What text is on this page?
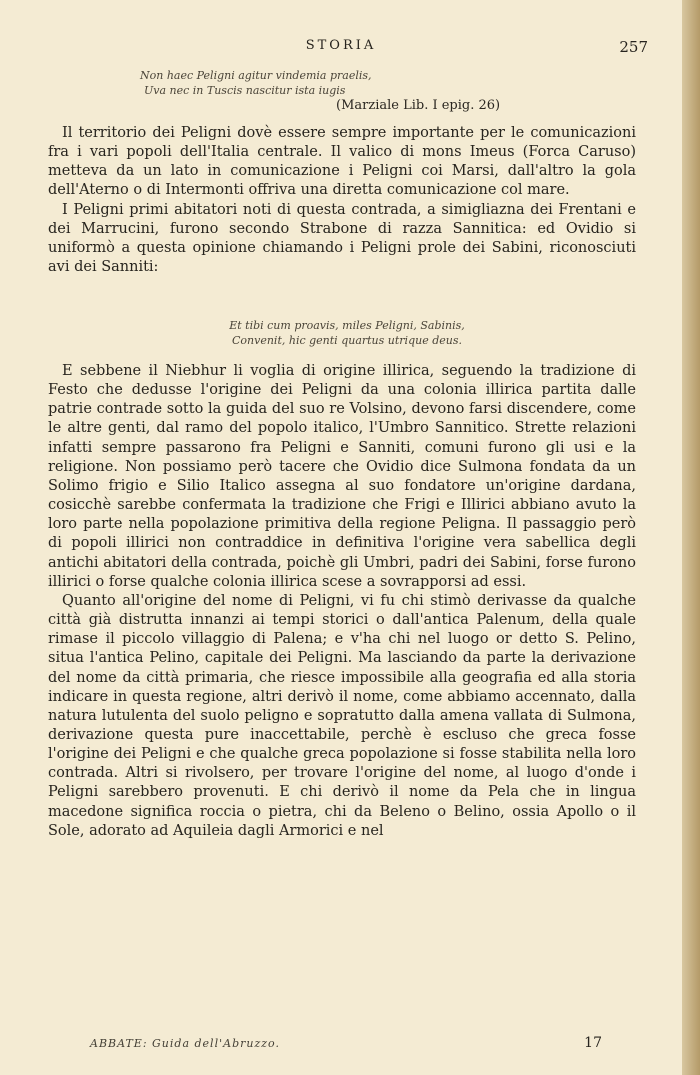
STORIA	257
Non haec Peligni agitur vindemia praelis,
Uva nec in Tuscis nascitur ista iugis
(Marziale Lib. I epig. 26)

Il territorio dei Peligni dovè essere sempre importante per le comunicazioni fra i vari popoli dell'Italia centrale. Il valico di mons Imeus (Forca Caruso) metteva da un lato in comunicazione i Peligni coi Marsi, dall'altro la gola dell'Aterno o di Intermonti offriva una diretta comunicazione col mare.

I Peligni primi abitatori noti di questa contrada, a simigliazna dei Frentani e dei Marrucini, furono secondo Strabone di razza Sannitica: ed Ovidio si uniformò a questa opinione chiamando i Peligni prole dei Sabini, riconosciuti avi dei Sanniti:

Et tibi cum proavis, miles Peligni, Sabinis,
Convenit, hic genti quartus utrique deus.

E sebbene il Niebhur li voglia di origine illirica, seguendo la tradizione di Festo che dedusse l'origine dei Peligni da una colonia illirica partita dalle patrie contrade sotto la guida del suo re Volsino, devono farsi discendere, come le altre genti, dal ramo del popolo italico, l'Umbro Sannitico. Strette relazioni infatti sempre passarono fra Peligni e Sanniti, comuni furono gli usi e la religione. Non possiamo però tacere che Ovidio dice Sulmona fondata da un Solimo frigio e Silio Italico assegna al suo fondatore un'origine dardana, cosicchè sarebbe confermata la tradizione che Frigi e Illirici abbiano avuto la loro parte nella popolazione primitiva della regione Peligna. Il passaggio però di popoli illirici non contraddice in definitiva l'origine vera sabellica degli antichi abitatori della contrada, poichè gli Umbri, padri dei Sabini, forse furono illirici o forse qualche colonia illirica scese a sovrapporsi ad essi.

Quanto all'origine del nome di Peligni, vi fu chi stimò derivasse da qualche città già distrutta innanzi ai tempi storici o dall'antica Palenum, della quale rimase il piccolo villaggio di Palena; e v'ha chi nel luogo or detto S. Pelino, situa l'antica Pelino, capitale dei Peligni. Ma lasciando da parte la derivazione del nome da città primaria, che riesce impossibile alla geografia ed alla storia indicare in questa regione, altri derivò il nome, come abbiamo accennato, dalla natura lutulenta del suolo peligno e sopratutto dalla amena vallata di Sulmona, derivazione questa pure inaccettabile, perchè è escluso che greca fosse l'origine dei Peligni e che qualche greca popolazione si fosse stabilita nella loro contrada. Altri si rivolsero, per trovare l'origine del nome, al luogo d'onde i Peligni sarebbero provenuti. E chi derivò il nome da Pela che in lingua macedone significa roccia o pietra, chi da Beleno o Belino, ossia Apollo o il Sole, adorato ad Aquileia dagli Armorici e nel

ABBATE: Guida dell'Abruzzo.	17
